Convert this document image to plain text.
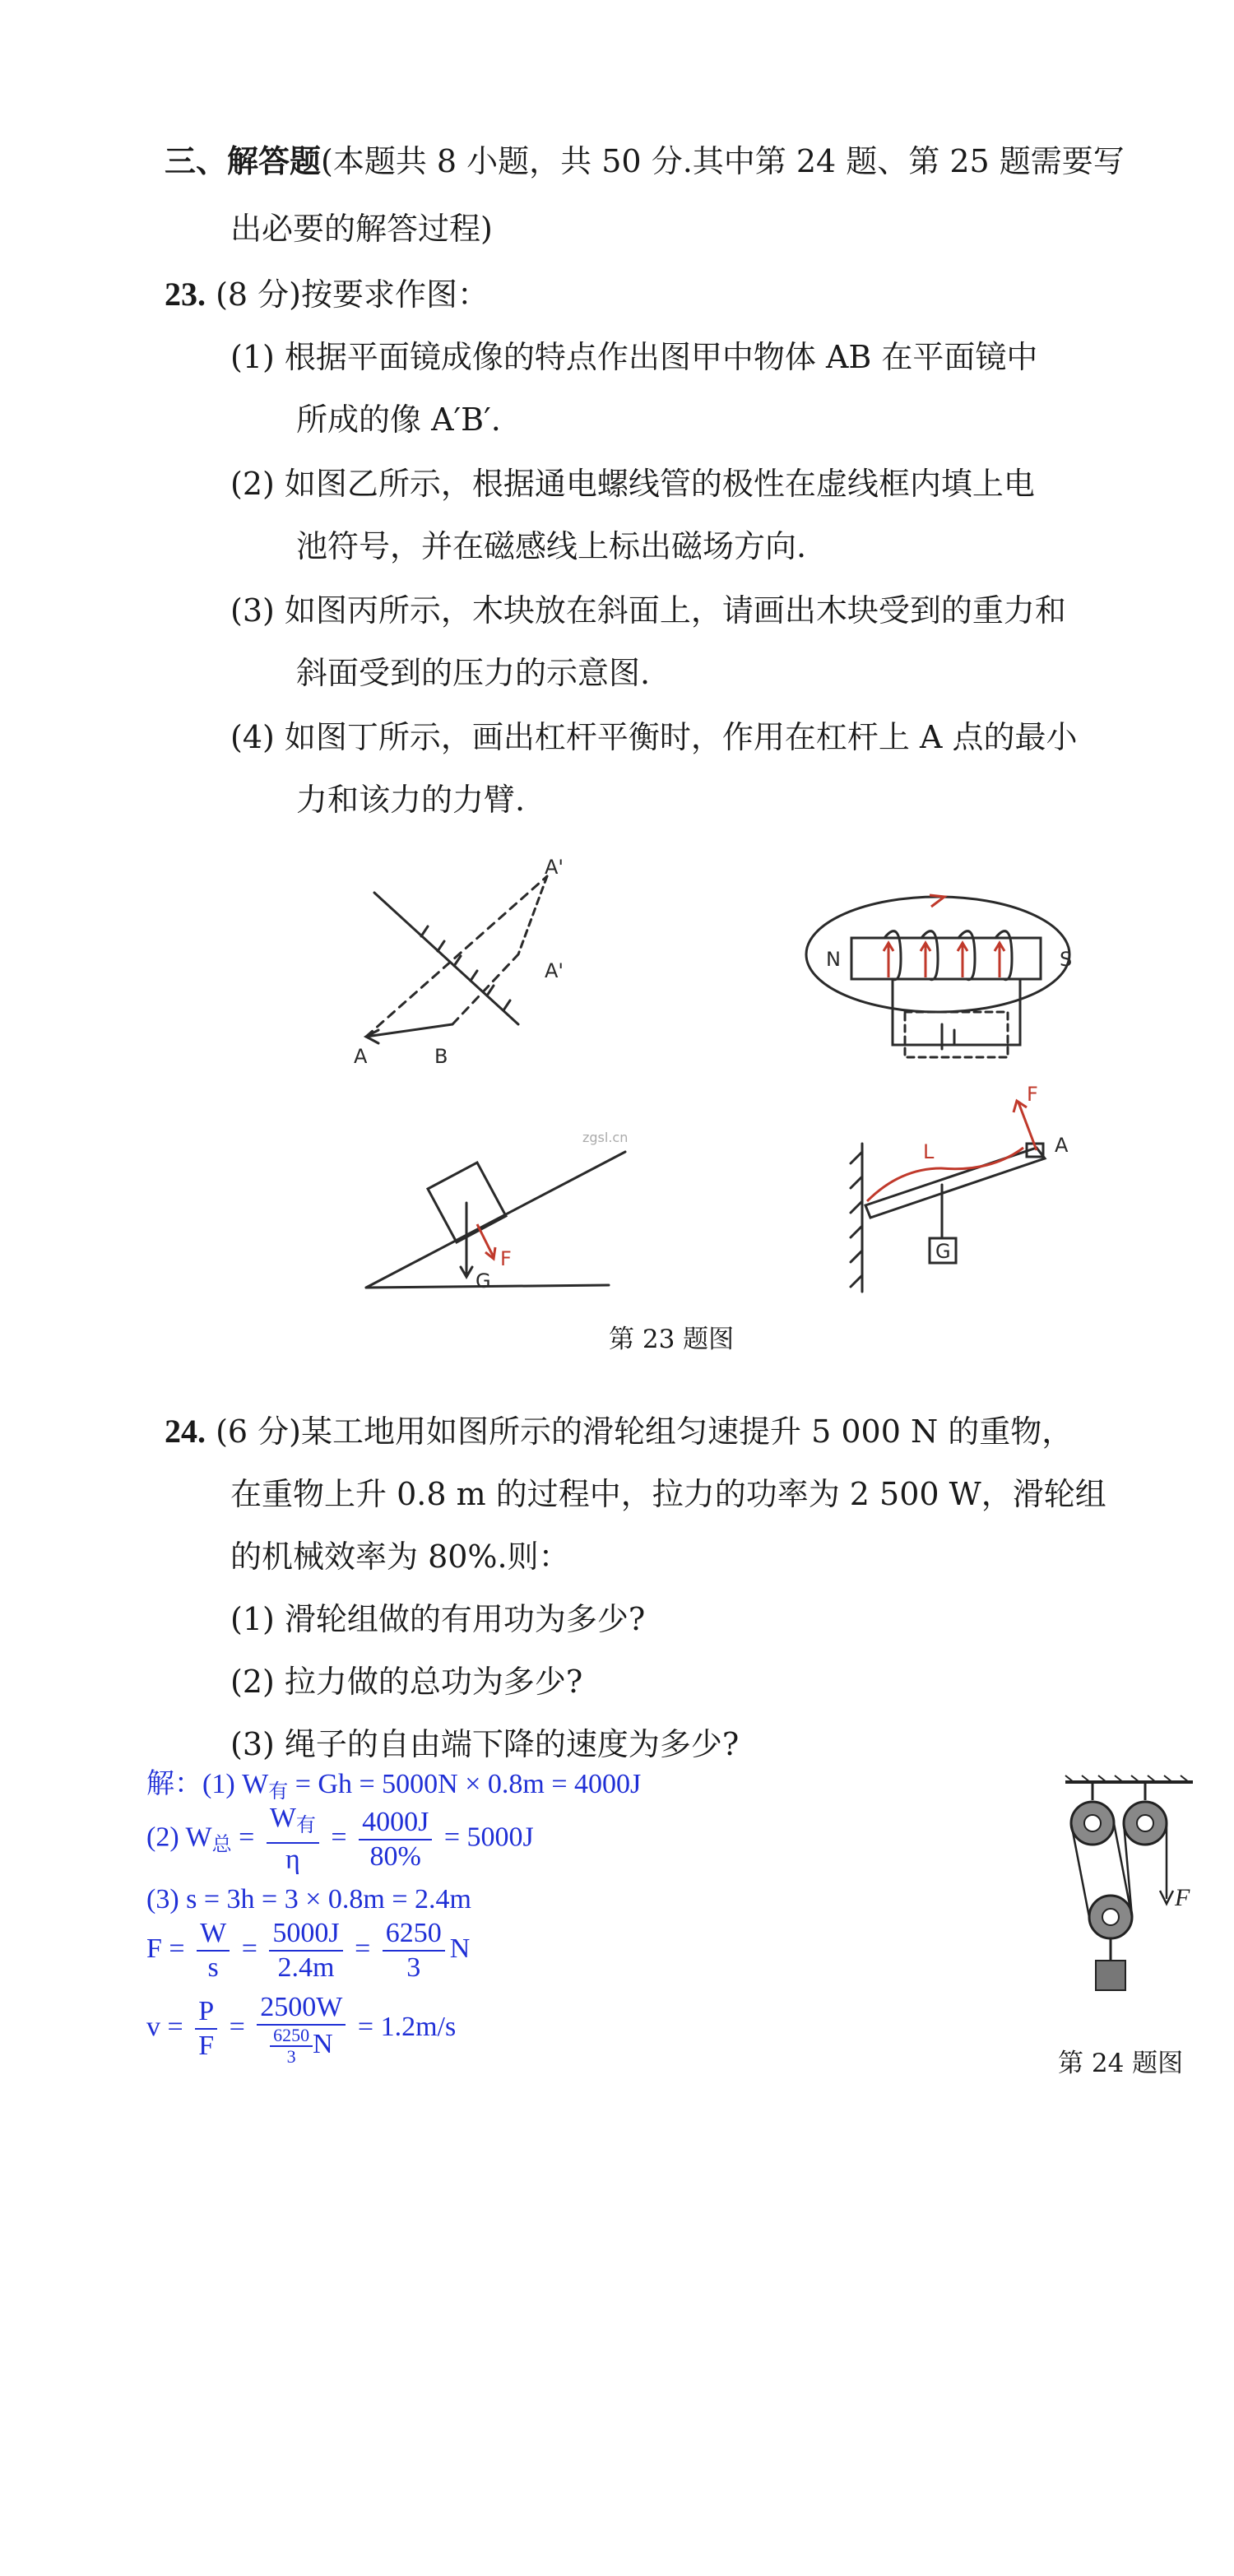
三、解答题(本题共 8 小题，共 50 分.其中第 24 题、第 25 题需要写
出必要的解答过程)
23. (8 分)按要求作图：
(1) 根据平面镜成像的特点作出图甲中物体 AB 在平面镜中
所成的像 A′B′.
(2) 如图乙所示，根据通电螺线管的极性在虚线框内填上电
池符号，并在磁感线上标出磁场方向.
(3) 如图丙所示，木块放在斜面上，请画出木块受到的重力和
斜面受到的压力的示意图.
(4) 如图丁所示，画出杠杆平衡时，作用在杠杆上 A 点的最小
力和该力的力臂.
A'
A'
A	B
N	S
G
F
zgsl.cn
F
A
L
G
第 23 题图
24. (6 分)某工地用如图所示的滑轮组匀速提升 5 000 N 的重物，
在重物上升 0.8 m 的过程中，拉力的功率为 2 500 W，滑轮组
的机械效率为 80%.则：
(1) 滑轮组做的有用功为多少?
(2) 拉力做的总功为多少?
(3) 绳子的自由端下降的速度为多少?
解：(1) $W_有 = Gh = 5000N \times 0.8m = 4000J$
(2) $W_总 = \frac{W_有}{\eta} = \frac{4000J}{80\%} = 5000J$
(3) s = 3h = 3 × 0.8m = 2.4m
$F = \frac{W}{s} = \frac{5000J}{2.4m} = \frac{6250}{3}$ N
$v = \frac{P}{F} = \frac{2500W}{\frac{6250}{3} N} = 1.2m/s$
F
第 24 题图
